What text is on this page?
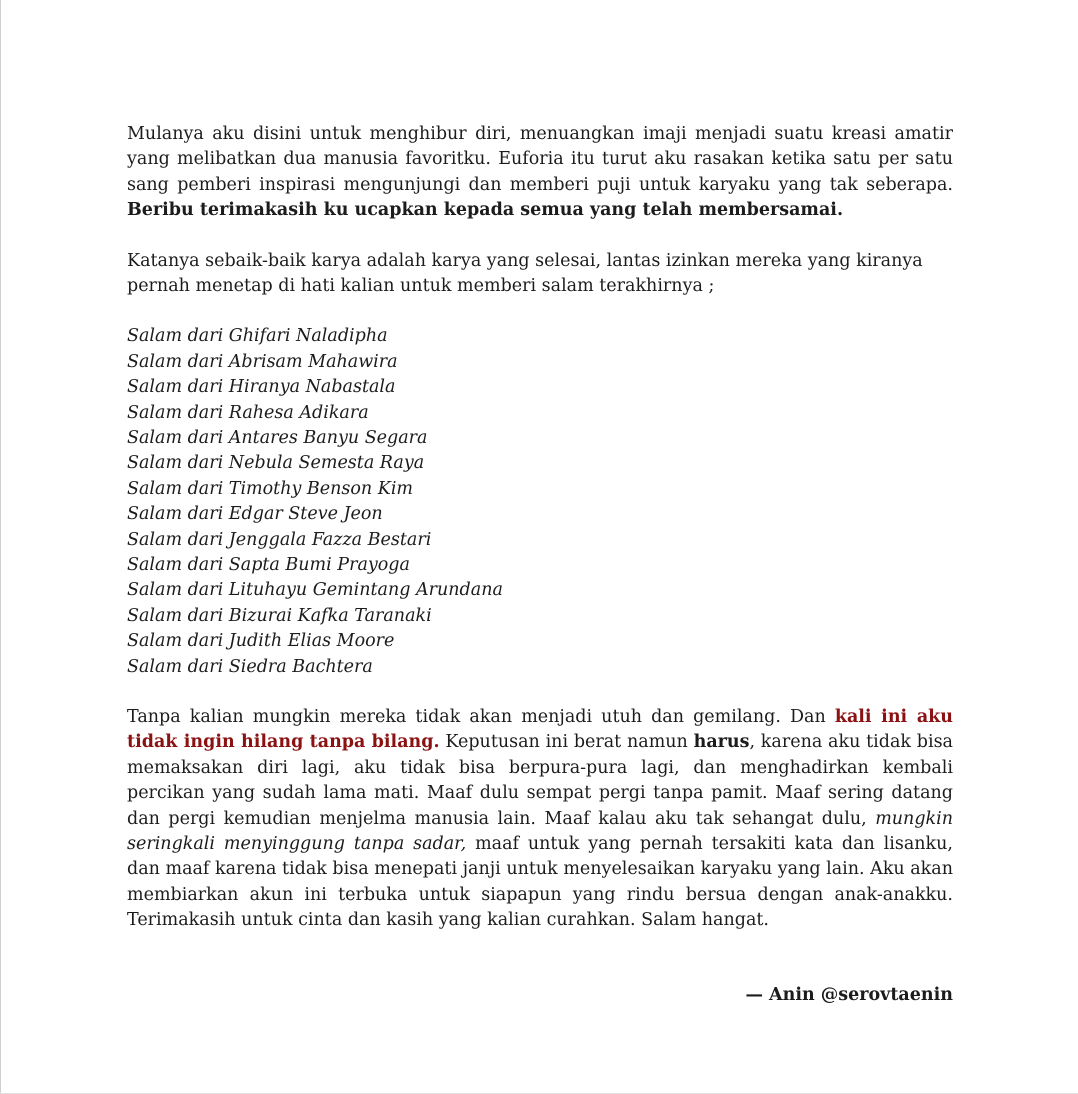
Mulanya aku disini untuk menghibur diri, menuangkan imaji menjadi suatu kreasi amatir yang melibatkan dua manusia favoritku. Euforia itu turut aku rasakan ketika satu per satu sang pemberi inspirasi mengunjungi dan memberi puji untuk karyaku yang tak seberapa. Beribu terimakasih ku ucapkan kepada semua yang telah membersamai.

Katanya sebaik-baik karya adalah karya yang selesai, lantas izinkan mereka yang kiranya pernah menetap di hati kalian untuk memberi salam terakhirnya ;

Salam dari Ghifari Naladipha
Salam dari Abrisam Mahawira
Salam dari Hiranya Nabastala
Salam dari Rahesa Adikara
Salam dari Antares Banyu Segara
Salam dari Nebula Semesta Raya
Salam dari Timothy Benson Kim
Salam dari Edgar Steve Jeon
Salam dari Jenggala Fazza Bestari
Salam dari Sapta Bumi Prayoga
Salam dari Lituhayu Gemintang Arundana
Salam dari Bizurai Kafka Taranaki
Salam dari Judith Elias Moore
Salam dari Siedra Bachtera

Tanpa kalian mungkin mereka tidak akan menjadi utuh dan gemilang. Dan kali ini aku tidak ingin hilang tanpa bilang. Keputusan ini berat namun harus, karena aku tidak bisa memaksakan diri lagi, aku tidak bisa berpura-pura lagi, dan menghadirkan kembali percikan yang sudah lama mati. Maaf dulu sempat pergi tanpa pamit. Maaf sering datang dan pergi kemudian menjelma manusia lain. Maaf kalau aku tak sehangat dulu, mungkin seringkali menyinggung tanpa sadar, maaf untuk yang pernah tersakiti kata dan lisanku, dan maaf karena tidak bisa menepati janji untuk menyelesaikan karyaku yang lain. Aku akan membiarkan akun ini terbuka untuk siapapun yang rindu bersua dengan anak-anakku. Terimakasih untuk cinta dan kasih yang kalian curahkan. Salam hangat.

— Anin @serovtaenin
